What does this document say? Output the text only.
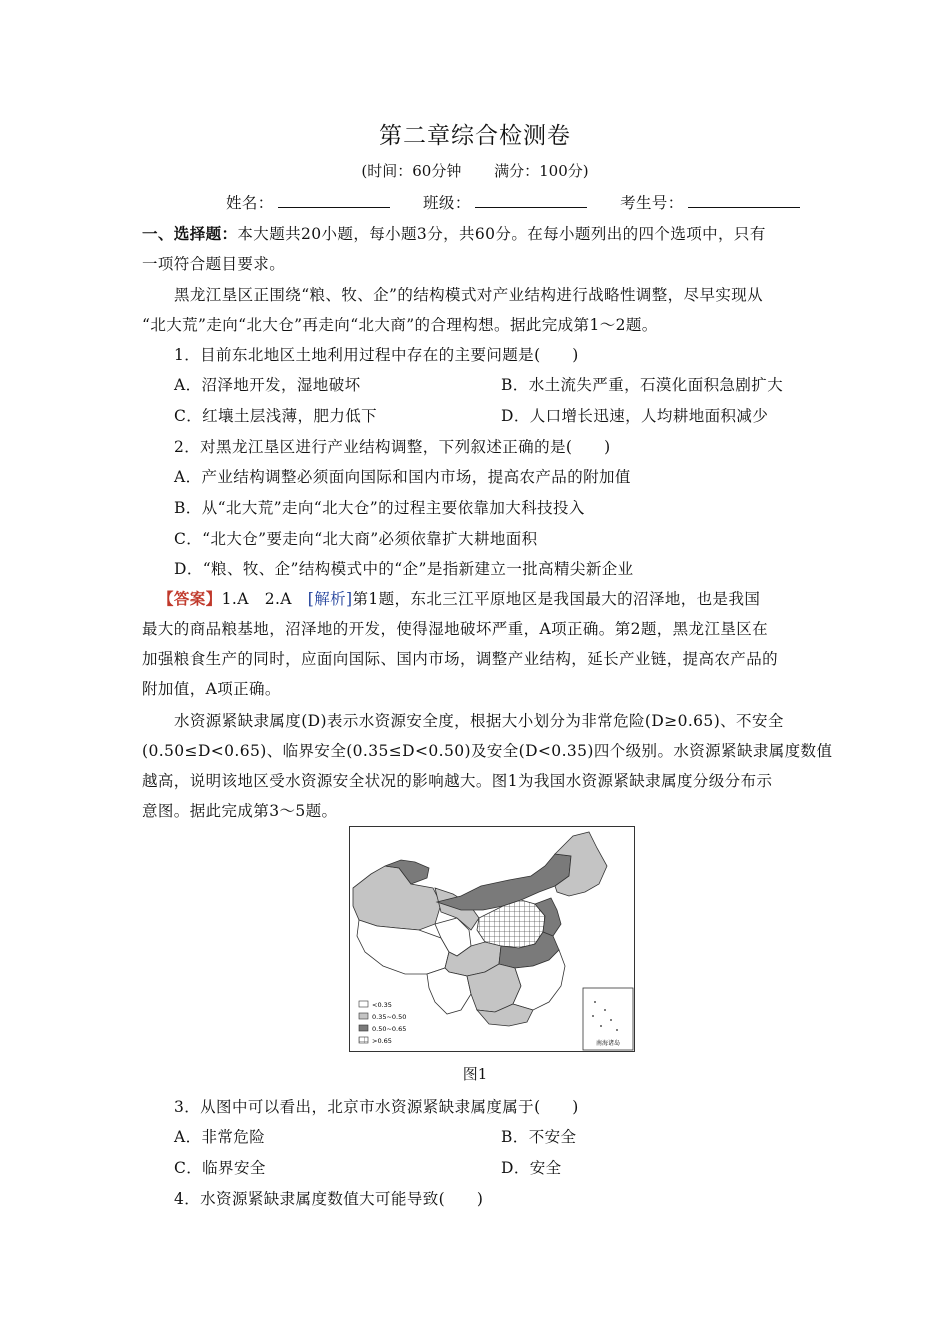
第二章综合检测卷
(时间：60分钟 满分：100分)
姓名：	班级：	考生号：
一、选择题：本大题共20小题，每小题3分，共60分。在每小题列出的四个选项中，只有
一项符合题目要求。
黑龙江垦区正围绕“粮、牧、企”的结构模式对产业结构进行战略性调整，尽早实现从
“北大荒”走向“北大仓”再走向“北大商”的合理构想。据此完成第1～2题。
1．目前东北地区土地利用过程中存在的主要问题是(　　)
A．沼泽地开发，湿地破坏	B．水土流失严重，石漠化面积急剧扩大
C．红壤土层浅薄，肥力低下	D．人口增长迅速，人均耕地面积减少
2．对黑龙江垦区进行产业结构调整，下列叙述正确的是(　　)
A．产业结构调整必须面向国际和国内市场，提高农产品的附加值
B．从“北大荒”走向“北大仓”的过程主要依靠加大科技投入
C．“北大仓”要走向“北大商”必须依靠扩大耕地面积
D．“粮、牧、企”结构模式中的“企”是指新建立一批高精尖新企业
【答案】1.A　2.A　[解析]第1题，东北三江平原地区是我国最大的沼泽地，也是我国
最大的商品粮基地，沼泽地的开发，使得湿地破坏严重，A项正确。第2题，黑龙江垦区在
加强粮食生产的同时，应面向国际、国内市场，调整产业结构，延长产业链，提高农产品的
附加值，A项正确。
水资源紧缺隶属度(D)表示水资源安全度，根据大小划分为非常危险(D≥0.65)、不安全
(0.50≤D<0.65)、临界安全(0.35≤D<0.50)及安全(D<0.35)四个级别。水资源紧缺隶属度数值
越高，说明该地区受水资源安全状况的影响越大。图1为我国水资源紧缺隶属度分级分布示
意图。据此完成第3～5题。
南海诸岛
<0.35
0.35~0.50
0.50~0.65
>0.65
图1
3．从图中可以看出，北京市水资源紧缺隶属度属于(　　)
A．非常危险	B．不安全
C．临界安全	D．安全
4．水资源紧缺隶属度数值大可能导致(　　)
